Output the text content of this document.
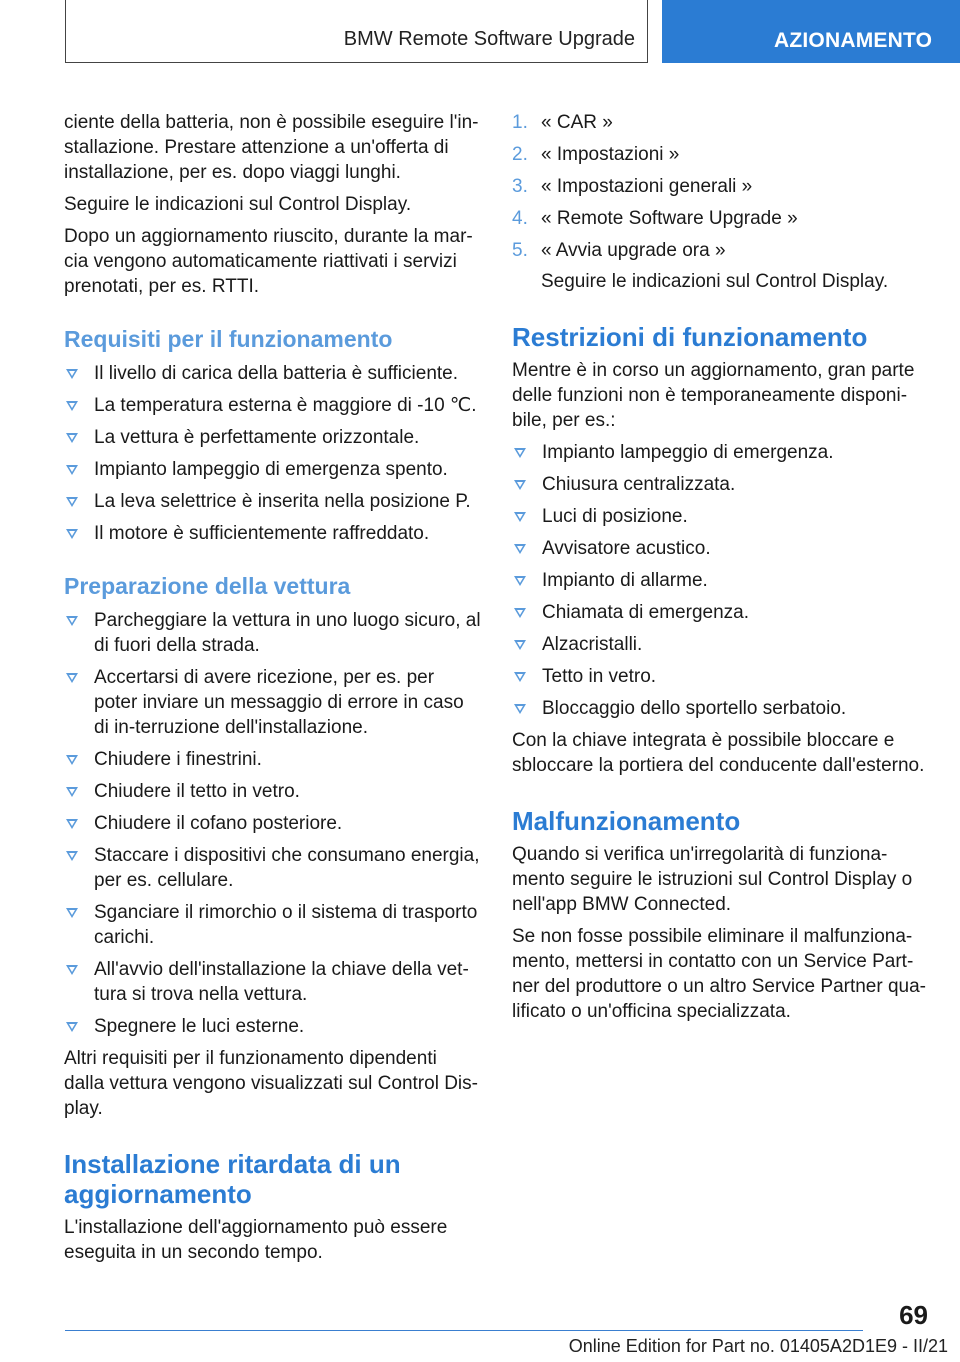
BMW Remote Software Upgrade	AZIONAMENTO

ciente della batteria, non è possibile eseguire l'in-stallazione. Prestare attenzione a un'offerta di installazione, per es. dopo viaggi lunghi.

Seguire le indicazioni sul Control Display.

Dopo un aggiornamento riuscito, durante la mar-cia vengono automaticamente riattivati i servizi prenotati, per es. RTTI.

Requisiti per il funzionamento
Il livello di carica della batteria è sufficiente.
La temperatura esterna è maggiore di -10 ℃.
La vettura è perfettamente orizzontale.
Impianto lampeggio di emergenza spento.
La leva selettrice è inserita nella posizione P.
Il motore è sufficientemente raffreddato.
Preparazione della vettura
Parcheggiare la vettura in uno luogo sicuro, al di fuori della strada.
Accertarsi di avere ricezione, per es. per poter inviare un messaggio di errore in caso di in-terruzione dell'installazione.
Chiudere i finestrini.
Chiudere il tetto in vetro.
Chiudere il cofano posteriore.
Staccare i dispositivi che consumano energia, per es. cellulare.
Sganciare il rimorchio o il sistema di trasporto carichi.
All'avvio dell'installazione la chiave della vet-tura si trova nella vettura.
Spegnere le luci esterne.

Altri requisiti per il funzionamento dipendenti dalla vettura vengono visualizzati sul Control Dis-play.

Installazione ritardata di un aggiornamento

L'installazione dell'aggiornamento può essere eseguita in un secondo tempo.

1. « CAR »
2. « Impostazioni »
3. « Impostazioni generali »
4. « Remote Software Upgrade »
5. « Avvia upgrade ora »
Seguire le indicazioni sul Control Display.
Restrizioni di funzionamento

Mentre è in corso un aggiornamento, gran parte delle funzioni non è temporaneamente disponi-bile, per es.:

Impianto lampeggio di emergenza.
Chiusura centralizzata.
Luci di posizione.
Avvisatore acustico.
Impianto di allarme.
Chiamata di emergenza.
Alzacristalli.
Tetto in vetro.
Bloccaggio dello sportello serbatoio.

Con la chiave integrata è possibile bloccare e sbloccare la portiera del conducente dall'esterno.

Malfunzionamento

Quando si verifica un'irregolarità di funziona-mento seguire le istruzioni sul Control Display o nell'app BMW Connected.

Se non fosse possibile eliminare il malfunziona-mento, mettersi in contatto con un Service Part-ner del produttore o un altro Service Partner qua-lificato o un'officina specializzata.

69
Online Edition for Part no. 01405A2D1E9 - II/21
